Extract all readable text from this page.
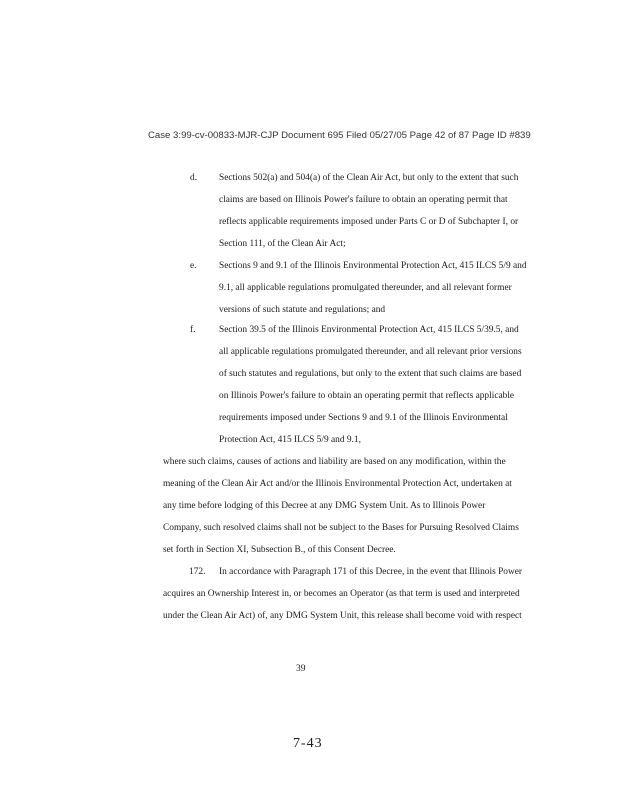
Case 3:99-cv-00833-MJR-CJP Document 695 Filed 05/27/05 Page 42 of 87 Page ID #839
d. Sections 502(a) and 504(a) of the Clean Air Act, but only to the extent that such
claims are based on Illinois Power's failure to obtain an operating permit that
reflects applicable requirements imposed under Parts C or D of Subchapter I, or
Section 111, of the Clean Air Act;
e. Sections 9 and 9.1 of the Illinois Environmental Protection Act, 415 ILCS 5/9 and
9.1, all applicable regulations promulgated thereunder, and all relevant former
versions of such statute and regulations; and
f.	Section 39.5 of the Illinois Environmental Protection Act, 415 ILCS 5/39.5, and
all applicable regulations promulgated thereunder, and all relevant prior versions
of such statutes and regulations, but only to the extent that such claims are based
on Illinois Power's failure to obtain an operating permit that reflects applicable
requirements imposed under Sections 9 and 9.1 of the Illinois Environmental
Protection Act, 415 ILCS 5/9 and 9.1,
where such claims, causes of actions and liability are based on any modification, within the
meaning of the Clean Air Act and/or the Illinois Environmental Protection Act, undertaken at
any time before lodging of this Decree at any DMG System Unit. As to Illinois Power
Company, such resolved claims shall not be subject to the Bases for Pursuing Resolved Claims
set forth in Section XI, Subsection B., of this Consent Decree.
172. In accordance with Paragraph 171 of this Decree, in the event that Illinois Power
acquires an Ownership Interest in, or becomes an Operator (as that term is used and interpreted
under the Clean Air Act) of, any DMG System Unit, this release shall become void with respect
39
7-43
